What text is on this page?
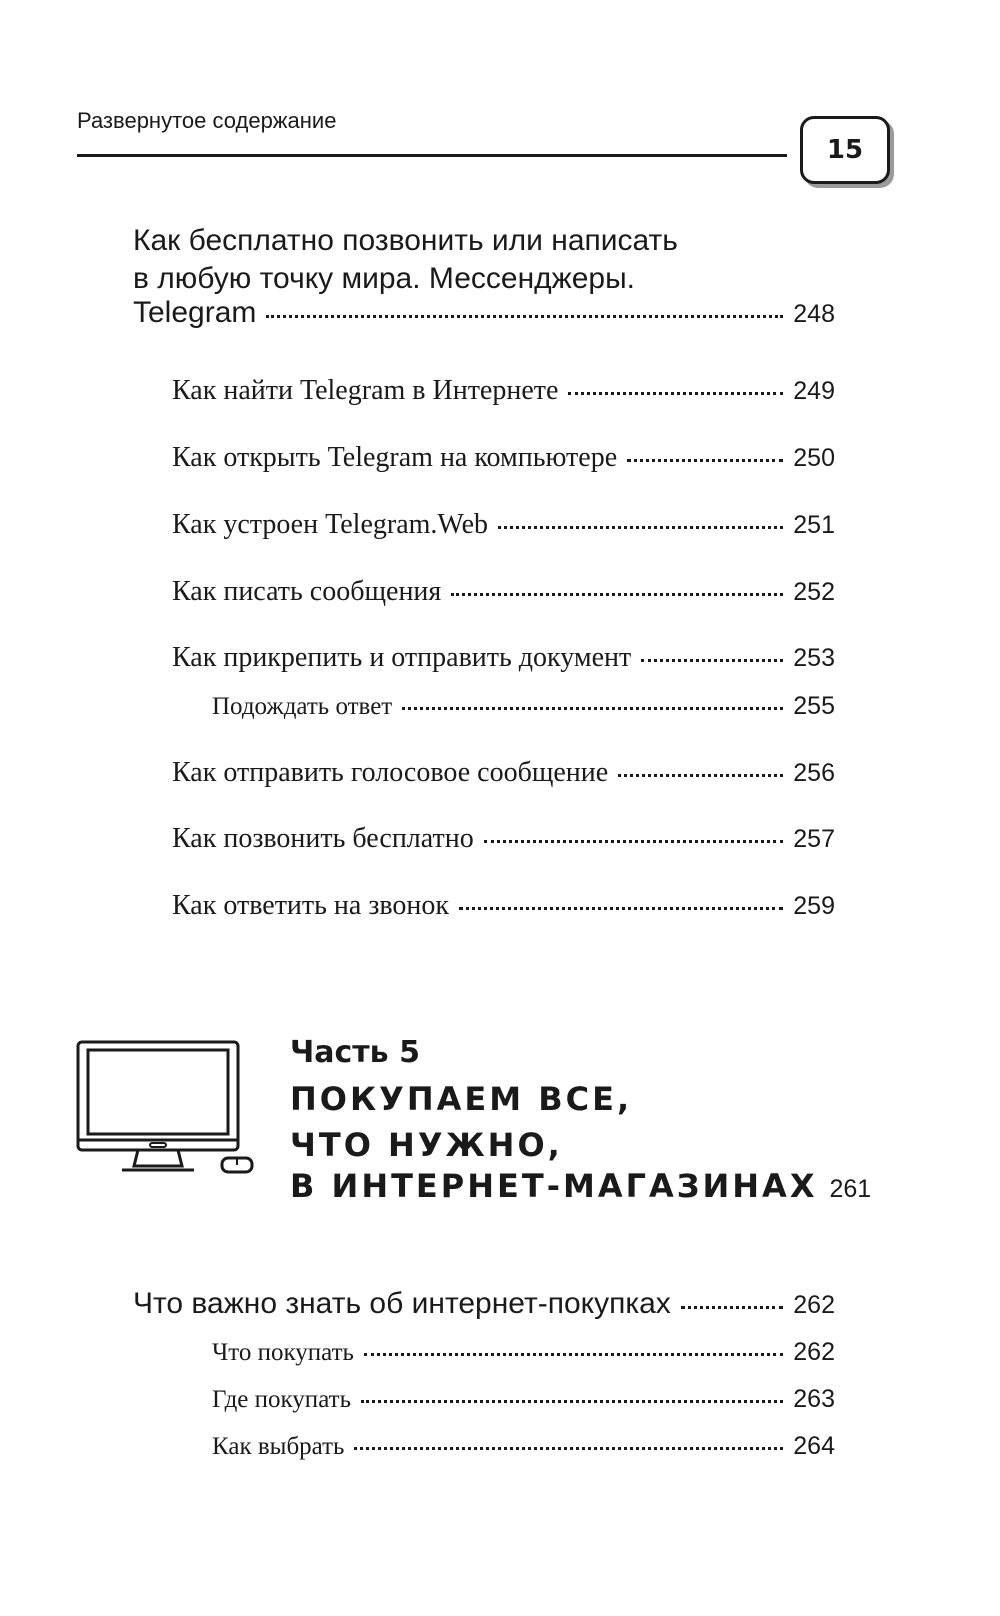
Развернутое содержание
15
Как бесплатно позвонить или написать
в любую точку мира. Мессенджеры.
Telegram	248
Как найти Telegram в Интернете	249
Как открыть Telegram на компьютере	250
Как устроен Telegram.Web	251
Как писать сообщения	252
Как прикрепить и отправить документ	253
Подождать ответ	255
Как отправить голосовое сообщение	256
Как позвонить бесплатно	257
Как ответить на звонок	259
Часть 5
ПОКУПАЕМ ВСЕ,
ЧТО НУЖНО,
В ИНТЕРНЕТ-МАГАЗИНАХ 261
Что важно знать об интернет-покупках	262
Что покупать	262
Где покупать	263
Как выбрать	264
